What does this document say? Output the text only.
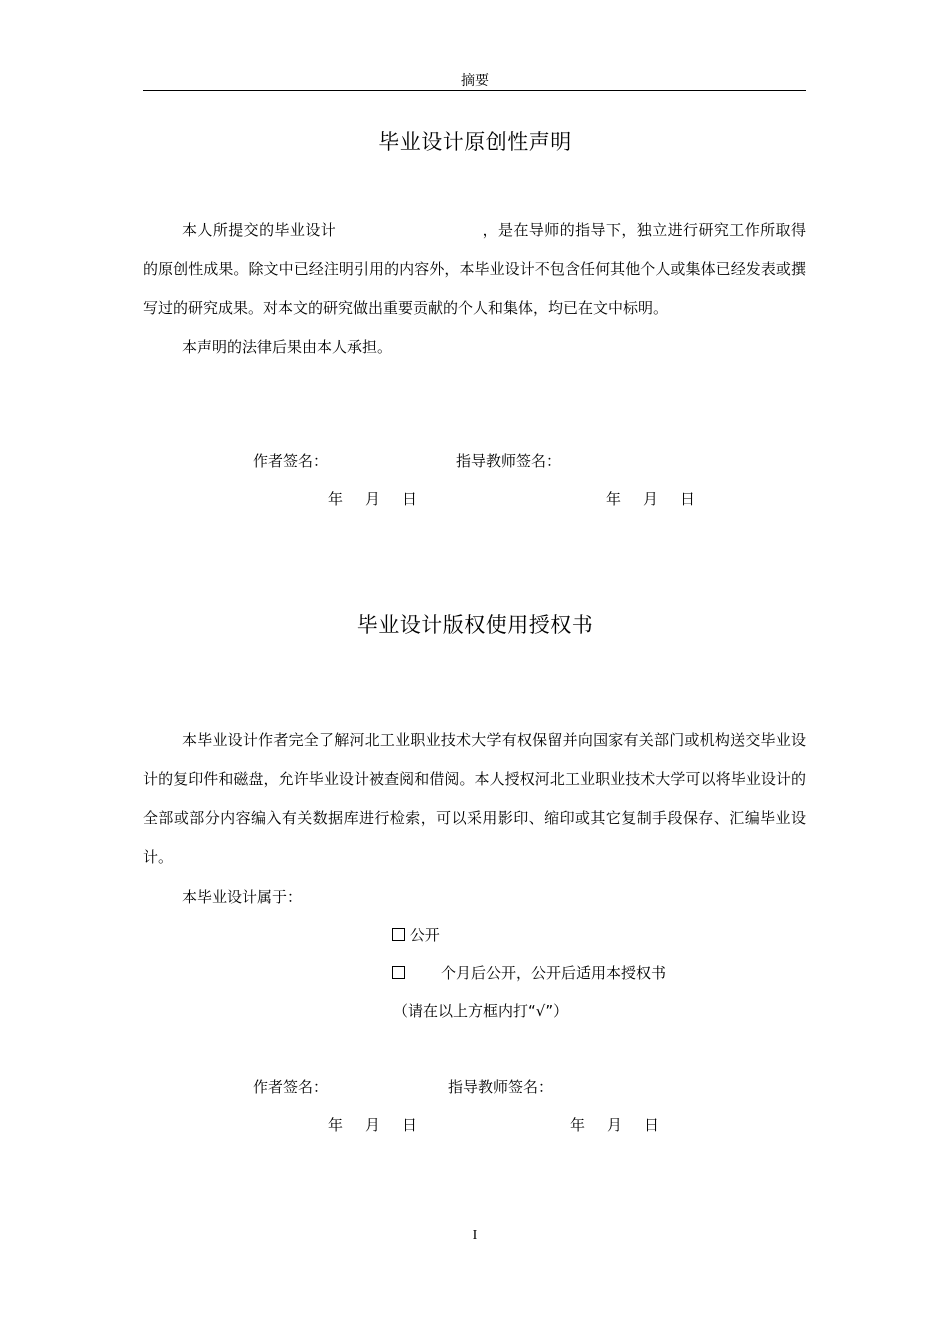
摘要
毕业设计原创性声明
本人所提交的毕业设计	，是在导师的指导下，独立进行研究工作所取得的原创性成果。除文中已经注明引用的内容外，本毕业设计不包含任何其他个人或集体已经发表或撰写过的研究成果。对本文的研究做出重要贡献的个人和集体，均已在文中标明。
本声明的法律后果由本人承担。
作者签名：	指导教师签名：
年 月 日	年 月 日
毕业设计版权使用授权书
本毕业设计作者完全了解河北工业职业技术大学有权保留并向国家有关部门或机构送交毕业设计的复印件和磁盘，允许毕业设计被查阅和借阅。本人授权河北工业职业技术大学可以将毕业设计的全部或部分内容编入有关数据库进行检索，可以采用影印、缩印或其它复制手段保存、汇编毕业设计。
本毕业设计属于：
公开
个月后公开，公开后适用本授权书
（请在以上方框内打“√”）
作者签名：	指导教师签名：
年 月 日	年 月 日
I
